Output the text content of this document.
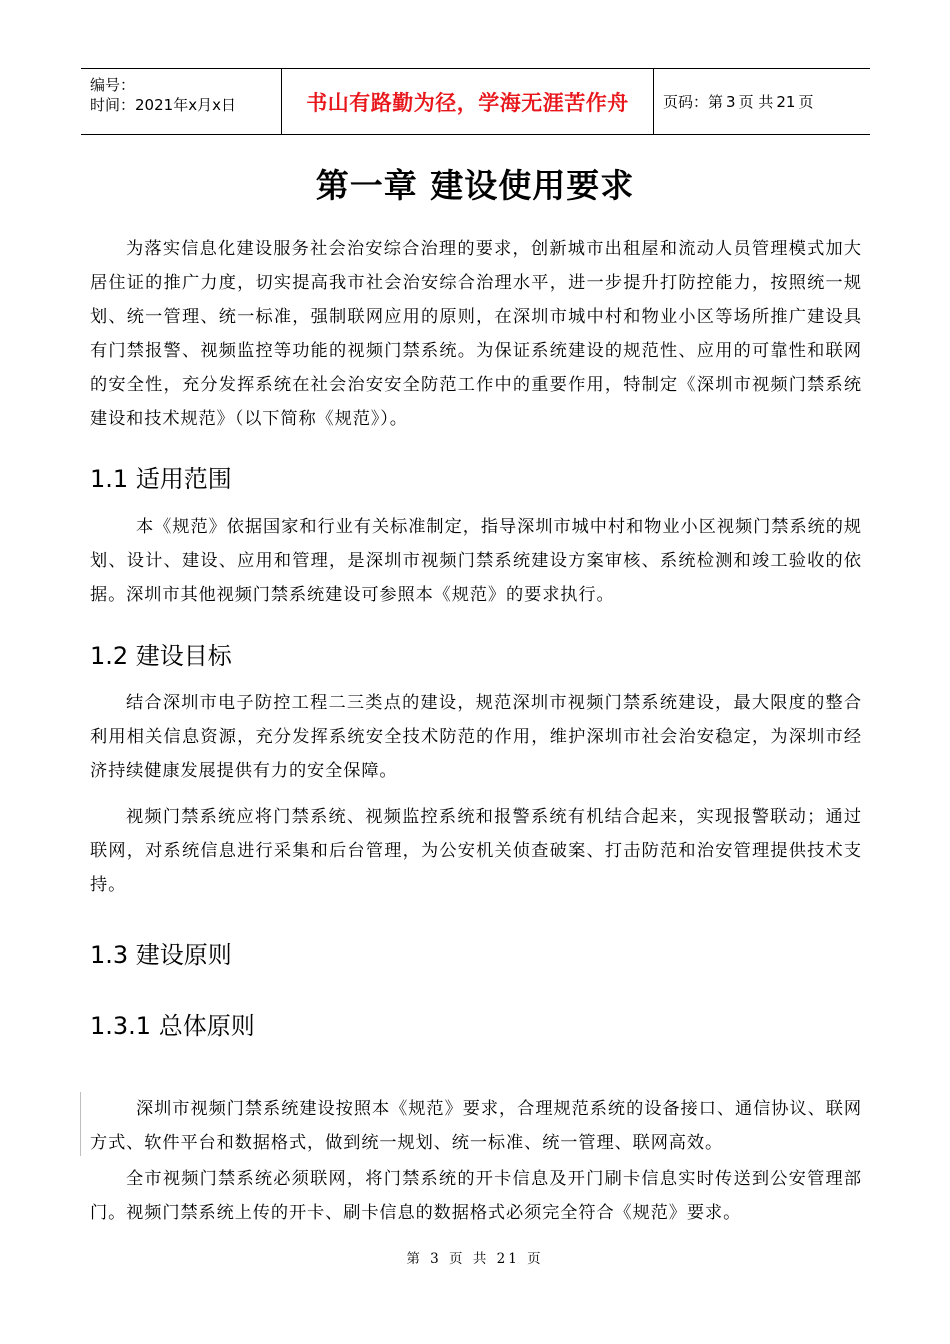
编号：
时间：2021年x月x日	书山有路勤为径，学海无涯苦作舟	页码：第 3 页 共 21 页
第一章 建设使用要求

为落实信息化建设服务社会治安综合治理的要求，创新城市出租屋和流动人员管理模式加大居住证的推广力度，切实提高我市社会治安综合治理水平，进一步提升打防控能力，按照统一规划、统一管理、统一标准，强制联网应用的原则，在深圳市城中村和物业小区等场所推广建设具有门禁报警、视频监控等功能的视频门禁系统。为保证系统建设的规范性、应用的可靠性和联网的安全性，充分发挥系统在社会治安安全防范工作中的重要作用，特制定《深圳市视频门禁系统建设和技术规范》（以下简称《规范》）。

1.1 适用范围

本《规范》依据国家和行业有关标准制定，指导深圳市城中村和物业小区视频门禁系统的规划、设计、建设、应用和管理，是深圳市视频门禁系统建设方案审核、系统检测和竣工验收的依据。深圳市其他视频门禁系统建设可参照本《规范》的要求执行。

1.2 建设目标

结合深圳市电子防控工程二三类点的建设，规范深圳市视频门禁系统建设，最大限度的整合利用相关信息资源，充分发挥系统安全技术防范的作用，维护深圳市社会治安稳定，为深圳市经济持续健康发展提供有力的安全保障。

视频门禁系统应将门禁系统、视频监控系统和报警系统有机结合起来，实现报警联动；通过联网，对系统信息进行采集和后台管理，为公安机关侦查破案、打击防范和治安管理提供技术支持。

1.3 建设原则
1.3.1 总体原则

深圳市视频门禁系统建设按照本《规范》要求，合理规范系统的设备接口、通信协议、联网方式、软件平台和数据格式，做到统一规划、统一标准、统一管理、联网高效。

全市视频门禁系统必须联网，将门禁系统的开卡信息及开门刷卡信息实时传送到公安管理部门。视频门禁系统上传的开卡、刷卡信息的数据格式必须完全符合《规范》要求。

第 3 页 共 21 页
